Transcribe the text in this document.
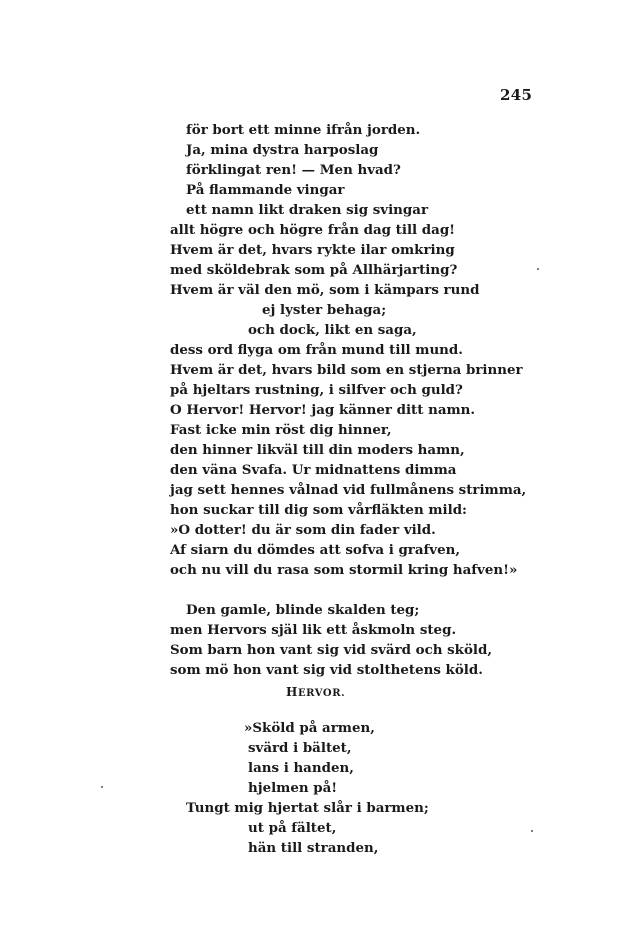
245
för bort ett minne ifrån jorden.
Ja, mina dystra harposlag
förklingat ren! — Men hvad?
På flammande vingar
ett namn likt draken sig svingar
allt högre och högre från dag till dag!
Hvem är det, hvars rykte ilar omkring
med sköldebrak som på Allhärjarting?
Hvem är väl den mö, som i kämpars rund
ej lyster behaga;
och dock, likt en saga,
dess ord flyga om från mund till mund.
Hvem är det, hvars bild som en stjerna brinner
på hjeltars rustning, i silfver och guld?
O Hervor! Hervor! jag känner ditt namn.
Fast icke min röst dig hinner,
den hinner likväl till din moders hamn,
den väna Svafa. Ur midnattens dimma
jag sett hennes vålnad vid fullmånens strimma,
hon suckar till dig som vårfläkten mild:
»O dotter! du är som din fader vild.
Af siarn du dömdes att sofva i grafven,
och nu vill du rasa som stormil kring hafven!»
Den gamle, blinde skalden teg;
men Hervors själ lik ett åskmoln steg.
Som barn hon vant sig vid svärd och sköld,
som mö hon vant sig vid stolthetens köld.
HERVOR.
»Sköld på armen,
svärd i bältet,
lans i handen,
hjelmen på!
Tungt mig hjertat slår i barmen;
ut på fältet,
hän till stranden,
